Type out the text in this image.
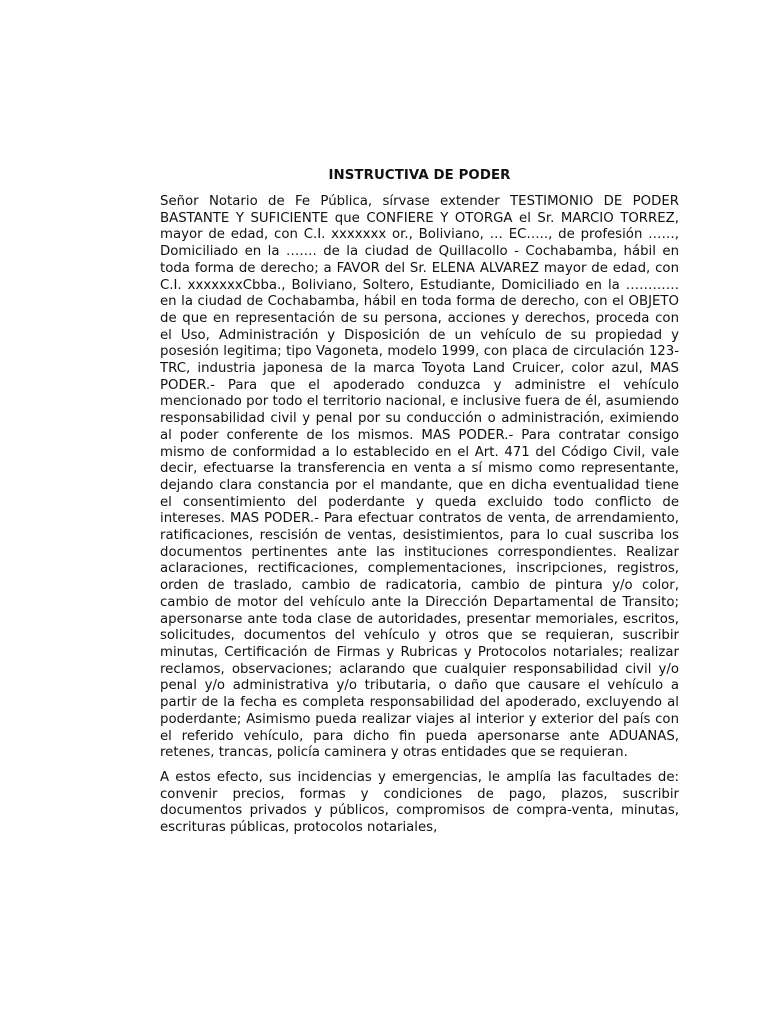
INSTRUCTIVA DE PODER

Señor Notario de Fe Pública, sírvase extender TESTIMONIO DE PODER BASTANTE Y SUFICIENTE que CONFIERE Y OTORGA el Sr. MARCIO TORREZ, mayor de edad, con C.I. xxxxxxx or., Boliviano, … EC….., de profesión ……, Domiciliado en la ……. de la ciudad de Quillacollo - Cochabamba, hábil en toda forma de derecho; a FAVOR del Sr. ELENA ALVAREZ mayor de edad, con C.I. xxxxxxxCbba., Boliviano, Soltero, Estudiante, Domiciliado en la ………… en la ciudad de Cochabamba, hábil en toda forma de derecho, con el OBJETO de que en representación de su persona, acciones y derechos, proceda con el Uso, Administración y Disposición de un vehículo de su propiedad y posesión legitima; tipo Vagoneta, modelo 1999, con placa de circulación 123-TRC, industria japonesa de la marca Toyota Land Cruicer, color azul, MAS PODER.- Para que el apoderado conduzca y administre el vehículo mencionado por todo el territorio nacional, e inclusive fuera de él, asumiendo responsabilidad civil y penal por su conducción o administración, eximiendo al poder conferente de los mismos. MAS PODER.- Para contratar consigo mismo de conformidad a lo establecido en el Art. 471 del Código Civil, vale decir, efectuarse la transferencia en venta a sí mismo como representante, dejando clara constancia por el mandante, que en dicha eventualidad tiene el consentimiento del poderdante y queda excluido todo conflicto de intereses. MAS PODER.- Para efectuar contratos de venta, de arrendamiento, ratificaciones, rescisión de ventas, desistimientos, para lo cual suscriba los documentos pertinentes ante las instituciones correspondientes. Realizar aclaraciones, rectificaciones, complementaciones, inscripciones, registros, orden de traslado, cambio de radicatoria, cambio de pintura y/o color, cambio de motor del vehículo ante la Dirección Departamental de Transito; apersonarse ante toda clase de autoridades, presentar memoriales, escritos, solicitudes, documentos del vehículo y otros que se requieran, suscribir minutas, Certificación de Firmas y Rubricas y Protocolos notariales; realizar reclamos, observaciones; aclarando que cualquier responsabilidad civil y/o penal y/o administrativa y/o tributaria, o daño que causare el vehículo a partir de la fecha es completa responsabilidad del apoderado, excluyendo al poderdante; Asimismo pueda realizar viajes al interior y exterior del país con el referido vehículo, para dicho fin pueda apersonarse ante ADUANAS, retenes, trancas, policía caminera y otras entidades que se requieran.

A estos efecto, sus incidencias y emergencias, le amplía las facultades de: convenir precios, formas y condiciones de pago, plazos, suscribir documentos privados y públicos, compromisos de compra-venta, minutas, escrituras públicas, protocolos notariales,
